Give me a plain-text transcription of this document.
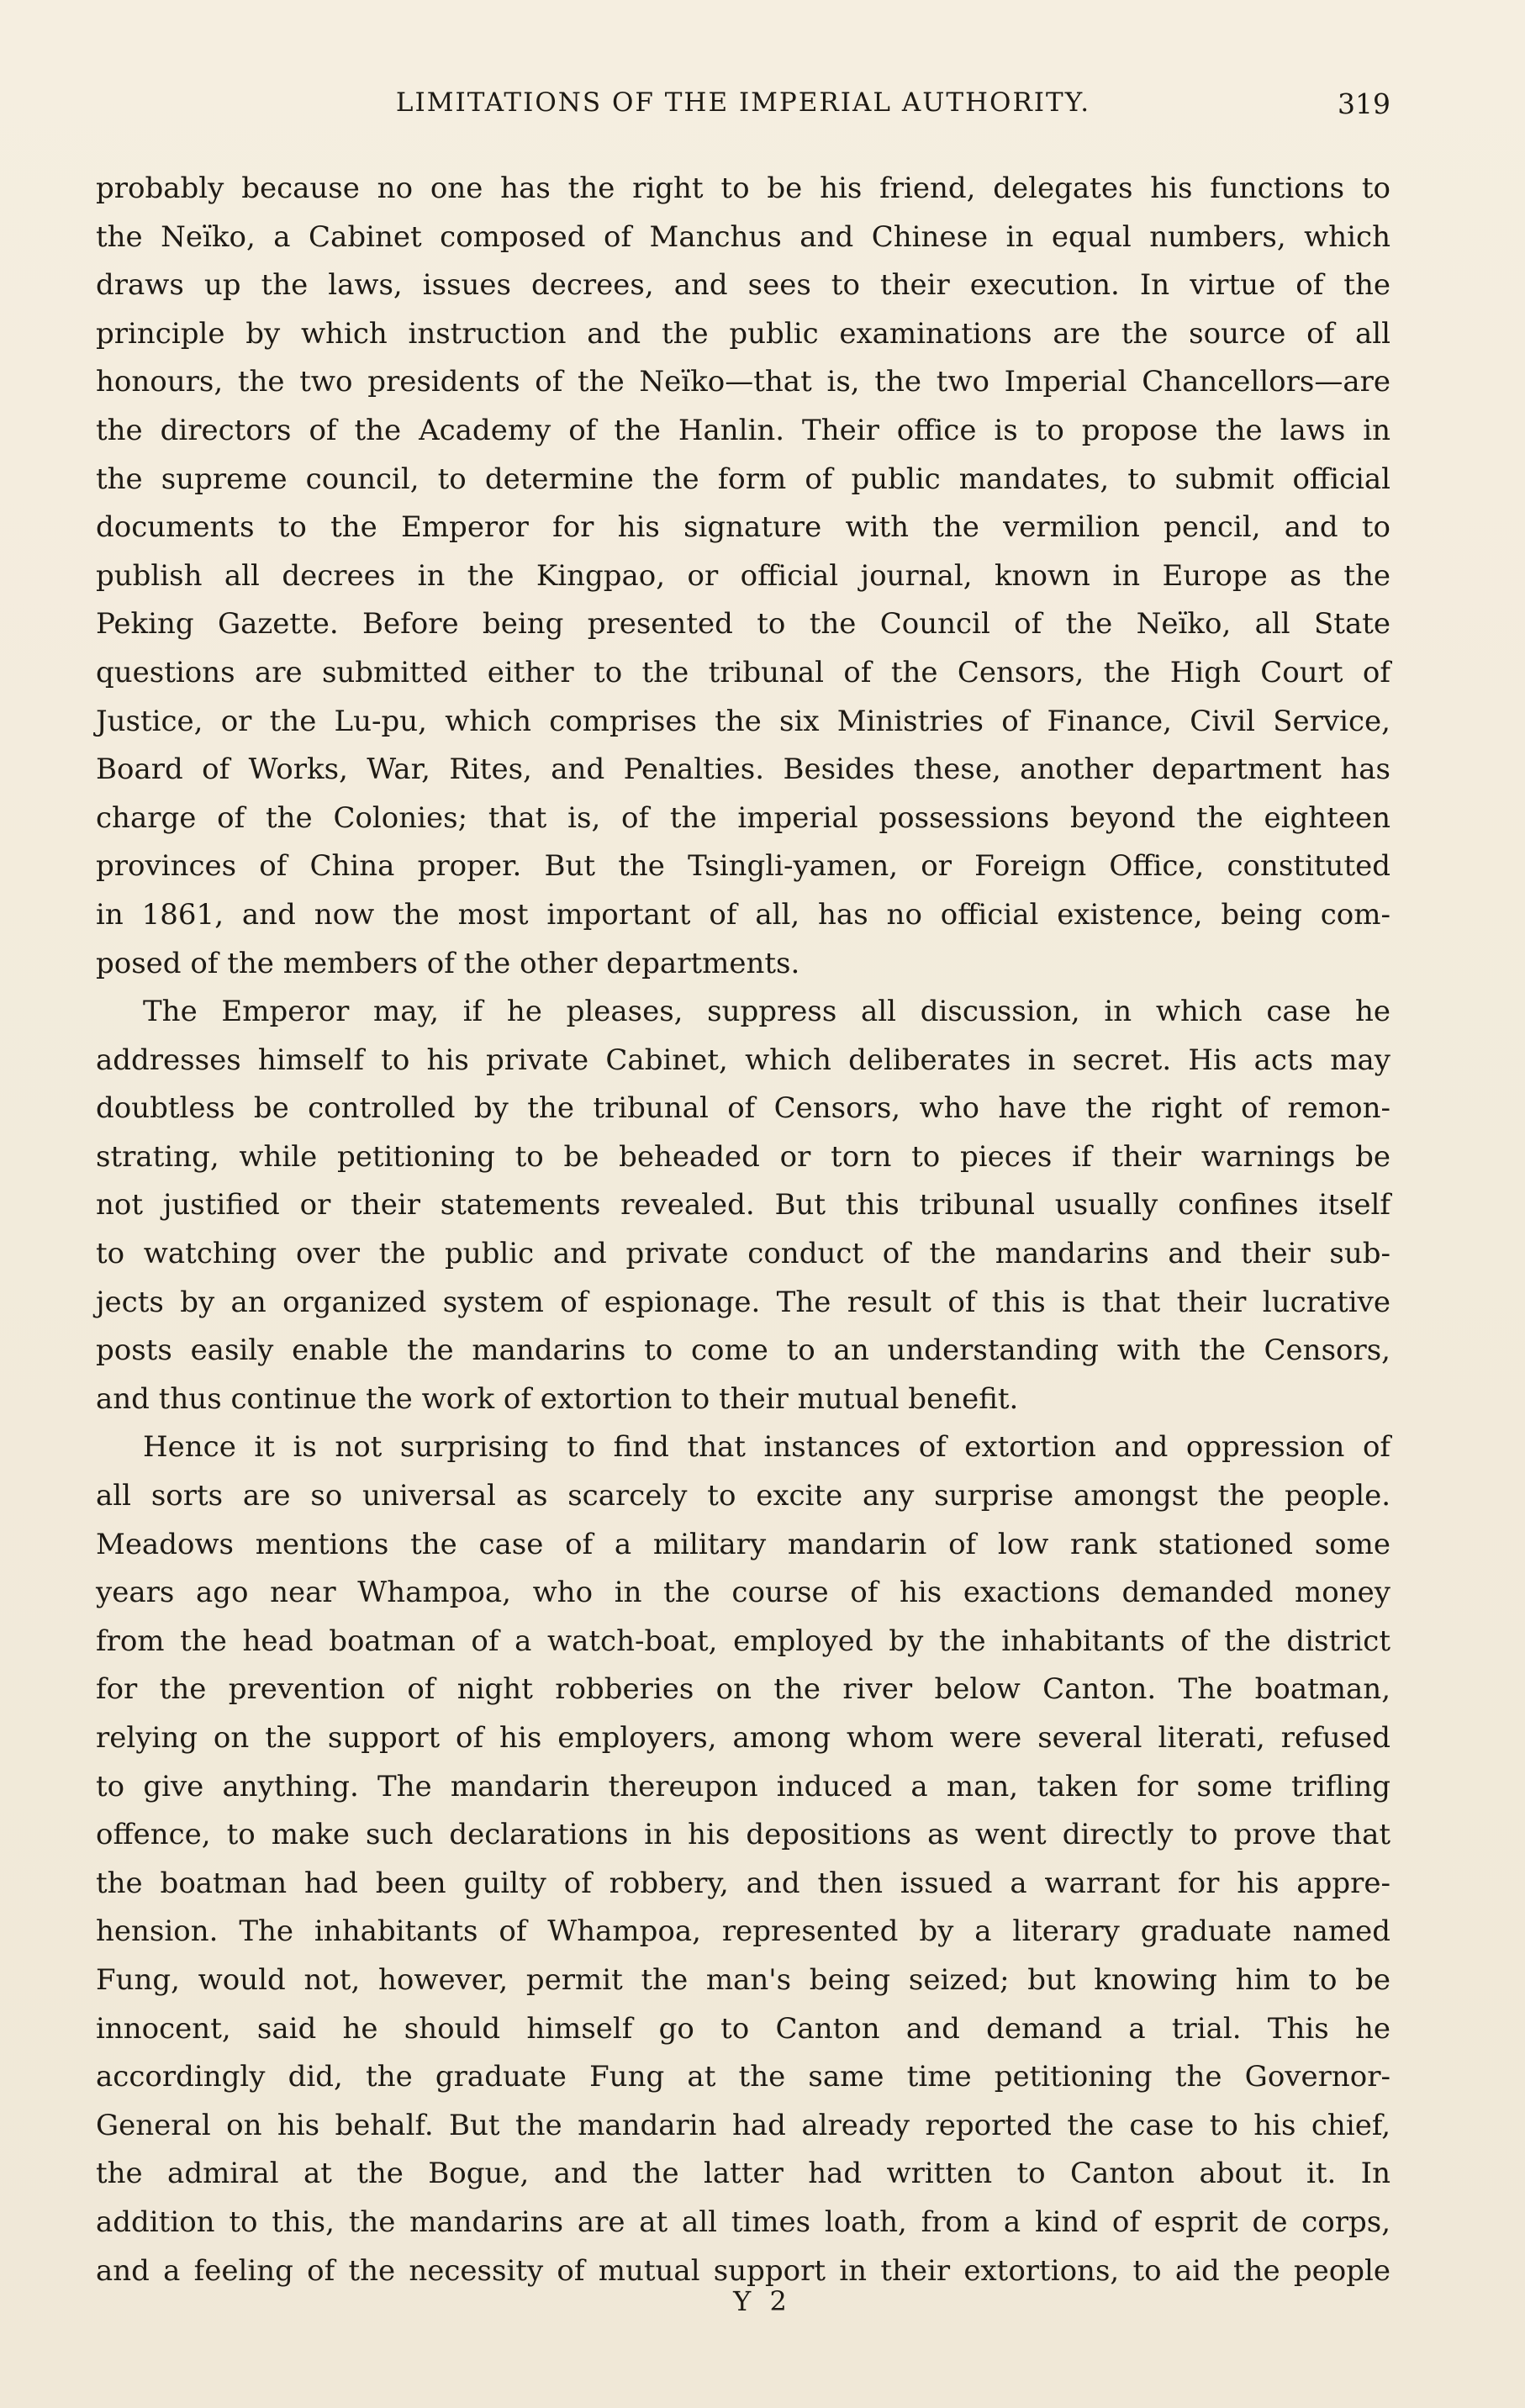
LIMITATIONS OF THE IMPERIAL AUTHORITY.	319
probably because no one has the right to be his friend, delegates his functions to
the Neïko, a Cabinet composed of Manchus and Chinese in equal numbers, which
draws up the laws, issues decrees, and sees to their execution. In virtue of the
principle by which instruction and the public examinations are the source of all
honours, the two presidents of the Neïko—that is, the two Imperial Chancellors—are
the directors of the Academy of the Hanlin. Their office is to propose the laws in
the supreme council, to determine the form of public mandates, to submit official
documents to the Emperor for his signature with the vermilion pencil, and to
publish all decrees in the Kingpao, or official journal, known in Europe as the
Peking Gazette. Before being presented to the Council of the Neïko, all State
questions are submitted either to the tribunal of the Censors, the High Court of
Justice, or the Lu-pu, which comprises the six Ministries of Finance, Civil Service,
Board of Works, War, Rites, and Penalties. Besides these, another department has
charge of the Colonies; that is, of the imperial possessions beyond the eighteen
provinces of China proper. But the Tsingli-yamen, or Foreign Office, constituted
in 1861, and now the most important of all, has no official existence, being com-
posed of the members of the other departments.
The Emperor may, if he pleases, suppress all discussion, in which case he
addresses himself to his private Cabinet, which deliberates in secret. His acts may
doubtless be controlled by the tribunal of Censors, who have the right of remon-
strating, while petitioning to be beheaded or torn to pieces if their warnings be
not justified or their statements revealed. But this tribunal usually confines itself
to watching over the public and private conduct of the mandarins and their sub-
jects by an organized system of espionage. The result of this is that their lucrative
posts easily enable the mandarins to come to an understanding with the Censors,
and thus continue the work of extortion to their mutual benefit.
Hence it is not surprising to find that instances of extortion and oppression of
all sorts are so universal as scarcely to excite any surprise amongst the people.
Meadows mentions the case of a military mandarin of low rank stationed some
years ago near Whampoa, who in the course of his exactions demanded money
from the head boatman of a watch-boat, employed by the inhabitants of the district
for the prevention of night robberies on the river below Canton. The boatman,
relying on the support of his employers, among whom were several literati, refused
to give anything. The mandarin thereupon induced a man, taken for some trifling
offence, to make such declarations in his depositions as went directly to prove that
the boatman had been guilty of robbery, and then issued a warrant for his appre-
hension. The inhabitants of Whampoa, represented by a literary graduate named
Fung, would not, however, permit the man's being seized; but knowing him to be
innocent, said he should himself go to Canton and demand a trial. This he
accordingly did, the graduate Fung at the same time petitioning the Governor-
General on his behalf. But the mandarin had already reported the case to his chief,
the admiral at the Bogue, and the latter had written to Canton about it. In
addition to this, the mandarins are at all times loath, from a kind of esprit de corps,
and a feeling of the necessity of mutual support in their extortions, to aid the people
Y 2
